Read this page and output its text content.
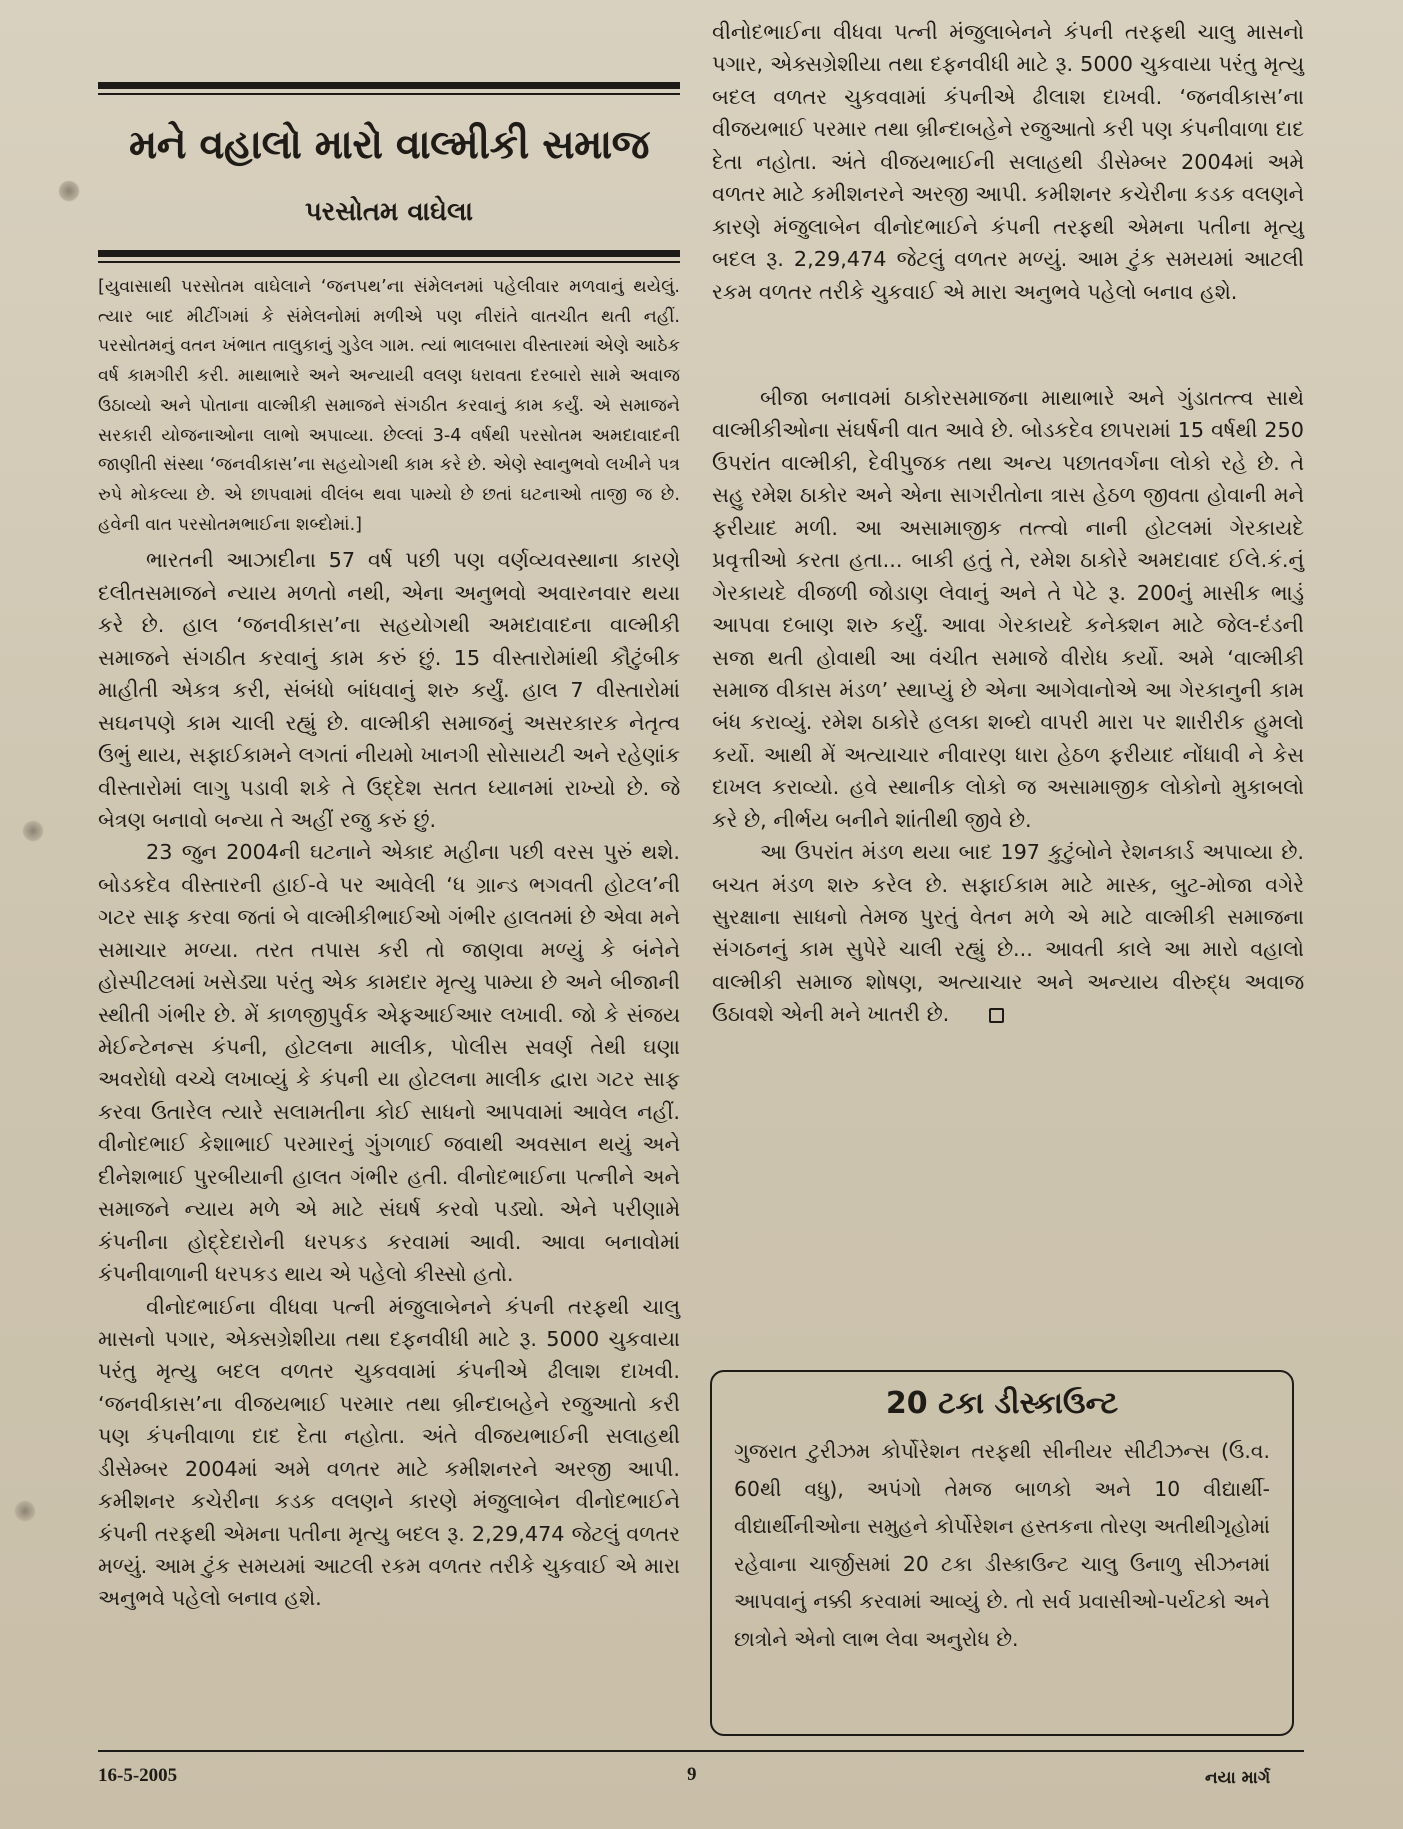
મને વહાલો મારો વાલ્મીકી સમાજ
પરસોતમ વાઘેલા
[યુવાસાથી પરસોતમ વાઘેલાને ‘જનપથ’ના સંમેલનમાં પહેલીવાર મળવાનું થયેલું. ત્યાર બાદ મીટીંગમાં કે સંમેલનોમાં મળીએ પણ નીરાંતે વાતચીત થતી નહીં. પરસોતમનું વતન ખંભાત તાલુકાનું ગુડેલ ગામ. ત્યાં ભાલબારા વીસ્તારમાં એણે આઠેક વર્ષ કામગીરી કરી. માથાભારે અને અન્યાયી વલણ ધરાવતા દરબારો સામે અવાજ ઉઠાવ્યો અને પોતાના વાલ્મીકી સમાજને સંગઠીત કરવાનું કામ કર્યું. એ સમાજને સરકારી યોજનાઓના લાભો અપાવ્યા. છેલ્લાં 3-4 વર્ષથી પરસોતમ અમદાવાદની જાણીતી સંસ્થા ‘જનવીકાસ’ના સહયોગથી કામ કરે છે. એણે સ્વાનુભવો લખીને પત્ર રુપે મોકલ્યા છે. એ છાપવામાં વીલંબ થવા પામ્યો છે છતાં ઘટનાઓ તાજી જ છે. હવેની વાત પરસોતમભાઈના શબ્દોમાં.]

ભારતની આઝાદીના 57 વર્ષ પછી પણ વર્ણવ્યવસ્થાના કારણે દલીતસમાજને ન્યાય મળતો નથી, એના અનુભવો અવારનવાર થયા કરે છે. હાલ ‘જનવીકાસ’ના સહયોગથી અમદાવાદના વાલ્મીકી સમાજને સંગઠીત કરવાનું કામ કરું છું. 15 વીસ્તારોમાંથી કૌટુંબીક માહીતી એકત્ર કરી, સંબંધો બાંધવાનું શરુ કર્યું. હાલ 7 વીસ્તારોમાં સઘનપણે કામ ચાલી રહ્યું છે. વાલ્મીકી સમાજનું અસરકારક નેતૃત્વ ઉભું થાય, સફાઈકામને લગતાં નીયમો ખાનગી સોસાયટી અને રહેણાંક વીસ્તારોમાં લાગુ પડાવી શકે તે ઉદ્દેશ સતત ધ્યાનમાં રાખ્યો છે. જે બેત્રણ બનાવો બન્યા તે અહીં રજુ કરું છું.

23 જુન 2004ની ઘટનાને એકાદ મહીના પછી વરસ પુરું થશે. બોડકદેવ વીસ્તારની હાઈ-વે પર આવેલી ‘ધ ગ્રાન્ડ ભગવતી હોટલ’ની ગટર સાફ કરવા જતાં બે વાલ્મીકીભાઈઓ ગંભીર હાલતમાં છે એવા મને સમાચાર મળ્યા. તરત તપાસ કરી તો જાણવા મળ્યું કે બંનેને હોસ્પીટલમાં ખસેડ્યા પરંતુ એક કામદાર મૃત્યુ પામ્યા છે અને બીજાની સ્થીતી ગંભીર છે. મેં કાળજીપુર્વક એફઆઈઆર લખાવી. જો કે સંજય મેઈન્ટેનન્સ કંપની, હોટલના માલીક, પોલીસ સવર્ણ તેથી ઘણા અવરોધો વચ્ચે લખાવ્યું કે કંપની યા હોટલના માલીક દ્વારા ગટર સાફ કરવા ઉતારેલ ત્યારે સલામતીના કોઈ સાધનો આપવામાં આવેલ નહીં. વીનોદભાઈ કેશાભાઈ પરમારનું ગુંગળાઈ જવાથી અવસાન થયું અને દીનેશભાઈ પુરબીયાની હાલત ગંભીર હતી. વીનોદભાઈના પત્નીને અને સમાજને ન્યાય મળે એ માટે સંઘર્ષ કરવો પડ્યો. એને પરીણામે કંપનીના હોદ્દેદારોની ધરપકડ કરવામાં આવી. આવા બનાવોમાં કંપનીવાળાની ધરપકડ થાય એ પહેલો કીસ્સો હતો.

વીનોદભાઈના વીધવા પત્ની મંજુલાબેનને કંપની તરફથી ચાલુ માસનો પગાર, એક્સગ્રેશીયા તથા દફનવીધી માટે રૂ. 5000 ચુકવાયા પરંતુ મૃત્યુ બદલ વળતર ચુકવવામાં કંપનીએ ઢીલાશ દાખવી. ‘જનવીકાસ’ના વીજયભાઈ પરમાર તથા બ્રીન્દાબહેને રજુઆતો કરી પણ કંપનીવાળા દાદ દેતા નહોતા. અંતે વીજયભાઈની સલાહથી ડીસેમ્બર 2004માં અમે વળતર માટે કમીશનરને અરજી આપી. કમીશનર કચેરીના કડક વલણને કારણે મંજુલાબેન વીનોદભાઈને કંપની તરફથી એમના પતીના મૃત્યુ બદલ રૂ. 2,29,474 જેટલું વળતર મળ્યું. આમ ટુંક સમયમાં આટલી રકમ વળતર તરીકે ચુકવાઈ એ મારા અનુભવે પહેલો બનાવ હશે.

વીનોદભાઈના વીધવા પત્ની મંજુલાબેનને કંપની તરફથી ચાલુ માસનો પગાર, એક્સગ્રેશીયા તથા દફનવીધી માટે રૂ. 5000 ચુકવાયા પરંતુ મૃત્યુ બદલ વળતર ચુકવવામાં કંપનીએ ઢીલાશ દાખવી. ‘જનવીકાસ’ના વીજયભાઈ પરમાર તથા બ્રીન્દાબહેને રજુઆતો કરી પણ કંપનીવાળા દાદ દેતા નહોતા. અંતે વીજયભાઈની સલાહથી ડીસેમ્બર 2004માં અમે વળતર માટે કમીશનરને અરજી આપી. કમીશનર કચેરીના કડક વલણને કારણે મંજુલાબેન વીનોદભાઈને કંપની તરફથી એમના પતીના મૃત્યુ બદલ રૂ. 2,29,474 જેટલું વળતર મળ્યું. આમ ટુંક સમયમાં આટલી રકમ વળતર તરીકે ચુકવાઈ એ મારા અનુભવે પહેલો બનાવ હશે.

બીજા બનાવમાં ઠાકોરસમાજના માથાભારે અને ગુંડાતત્ત્વ સાથે વાલ્મીકીઓના સંઘર્ષની વાત આવે છે. બોડકદેવ છાપરામાં 15 વર્ષથી 250 ઉપરાંત વાલ્મીકી, દેવીપુજક તથા અન્ય પછાતવર્ગના લોકો રહે છે. તે સહુ રમેશ ઠાકોર અને એના સાગરીતોના ત્રાસ હેઠળ જીવતા હોવાની મને ફરીયાદ મળી. આ અસામાજીક તત્ત્વો નાની હોટલમાં ગેરકાયદે પ્રવૃત્તીઓ કરતા હતા... બાકી હતું તે, રમેશ ઠાકોરે અમદાવાદ ઈલે.કં.નું ગેરકાયદે વીજળી જોડાણ લેવાનું અને તે પેટે રૂ. 200નું માસીક ભાડું આપવા દબાણ શરુ કર્યું. આવા ગેરકાયદે કનેક્શન માટે જેલ-દંડની સજા થતી હોવાથી આ વંચીત સમાજે વીરોધ કર્યો. અમે ‘વાલ્મીકી સમાજ વીકાસ મંડળ’ સ્થાપ્યું છે એના આગેવાનોએ આ ગેરકાનુની કામ બંધ કરાવ્યું. રમેશ ઠાકોરે હલકા શબ્દો વાપરી મારા પર શારીરીક હુમલો કર્યો. આથી મેં અત્યાચાર નીવારણ ધારા હેઠળ ફરીયાદ નોંધાવી ને કેસ દાખલ કરાવ્યો. હવે સ્થાનીક લોકો જ અસામાજીક લોકોનો મુકાબલો કરે છે, નીર્ભય બનીને શાંતીથી જીવે છે.

આ ઉપરાંત મંડળ થયા બાદ 197 કુટુંબોને રેશનકાર્ડ અપાવ્યા છે. બચત મંડળ શરુ કરેલ છે. સફાઈકામ માટે માસ્ક, બુટ-મોજા વગેરે સુરક્ષાના સાધનો તેમજ પુરતું વેતન મળે એ માટે વાલ્મીકી સમાજના સંગઠનનું કામ સુપેરે ચાલી રહ્યું છે... આવતી કાલે આ મારો વહાલો વાલ્મીકી સમાજ શોષણ, અત્યાચાર અને અન્યાય વીરુદ્ધ અવાજ ઉઠાવશે એની મને ખાતરી છે.

20 ટકા ડીસ્કાઉન્ટ

ગુજરાત ટુરીઝમ કોર્પોરેશન તરફથી સીનીયર સીટીઝન્સ (ઉ.વ. 60થી વધુ), અપંગો તેમજ બાળકો અને 10 વીદ્યાર્થી-વીદ્યાર્થીનીઓના સમુહને કોર્પોરેશન હસ્તકના તોરણ અતીથીગૃહોમાં રહેવાના ચાર્જીસમાં 20 ટકા ડીસ્કાઉન્ટ ચાલુ ઉનાળુ સીઝનમાં આપવાનું નક્કી કરવામાં આવ્યું છે. તો સર્વ પ્રવાસીઓ-પર્યટકો અને છાત્રોને એનો લાભ લેવા અનુરોધ છે.

16-5-2005	9	નયા માર્ગ
